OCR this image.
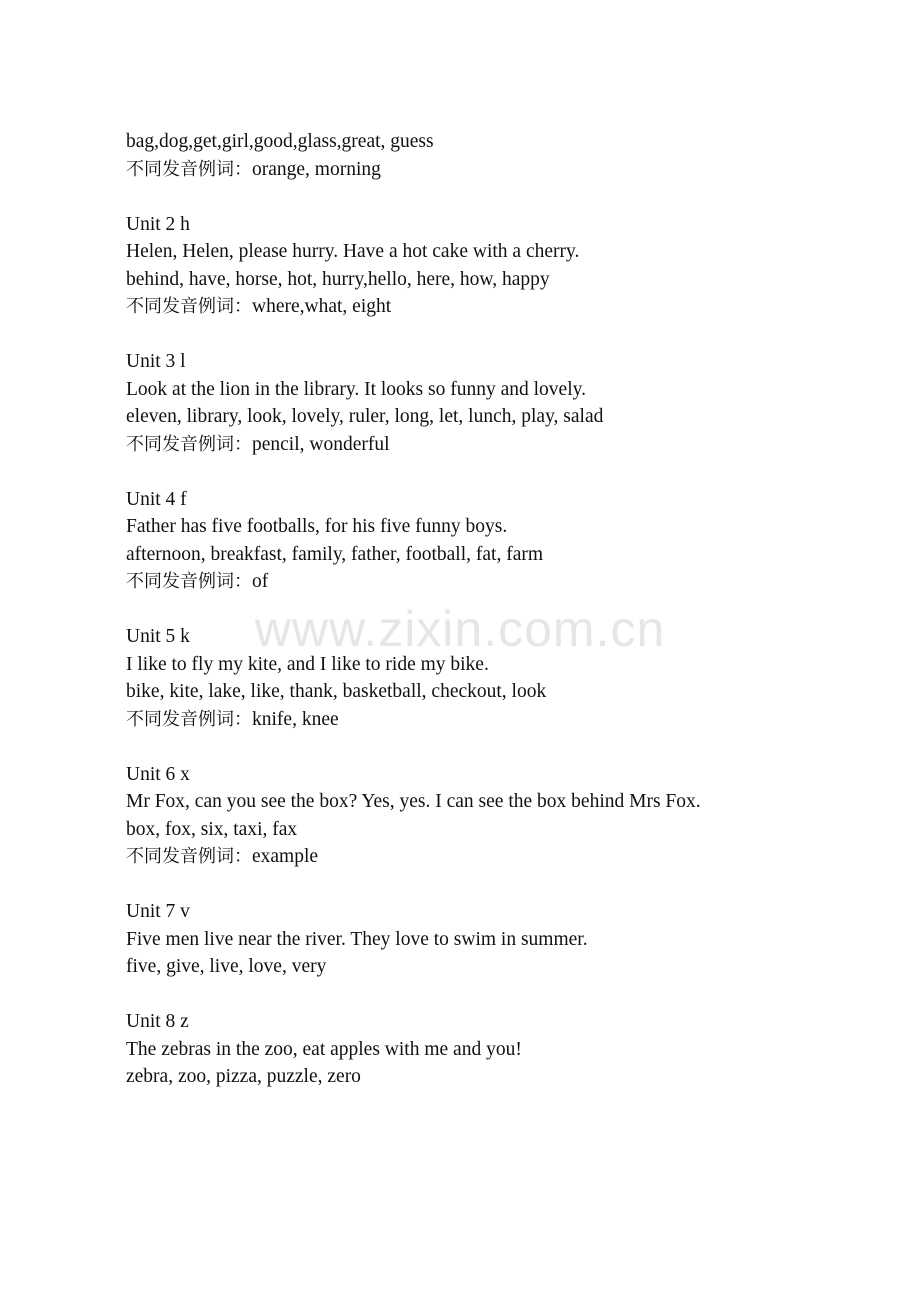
www.zixin.com.cn
bag,dog,get,girl,good,glass,great, guess
不同发音例词：orange, morning
Unit 2 h
Helen, Helen, please hurry. Have a hot cake with a cherry.
behind, have, horse, hot, hurry,hello, here, how, happy
不同发音例词：where,what, eight
Unit 3 l
Look at the lion in the library. It looks so funny and lovely.
eleven, library, look, lovely, ruler, long, let, lunch, play, salad
不同发音例词：pencil, wonderful
Unit 4 f
Father has five footballs, for his five funny boys.
afternoon, breakfast, family, father, football, fat, farm
不同发音例词：of
Unit 5 k
I like to fly my kite, and I like to ride my bike.
bike, kite, lake, like, thank, basketball, checkout, look
不同发音例词：knife, knee
Unit 6 x
Mr Fox, can you see the box? Yes, yes. I can see the box behind Mrs Fox.
box, fox, six, taxi, fax
不同发音例词：example
Unit 7 v
Five men live near the river. They love to swim in summer.
five, give, live, love, very
Unit 8 z
The zebras in the zoo, eat apples with me and you!
zebra, zoo, pizza, puzzle, zero
